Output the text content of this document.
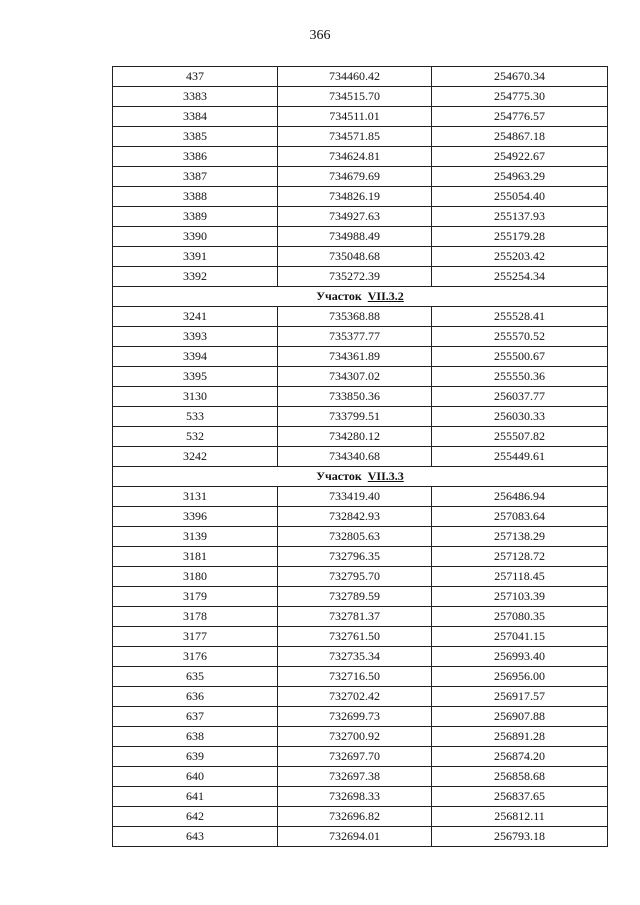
366
437	734460.42	254670.34
3383	734515.70	254775.30
3384	734511.01	254776.57
3385	734571.85	254867.18
3386	734624.81	254922.67
3387	734679.69	254963.29
3388	734826.19	255054.40
3389	734927.63	255137.93
3390	734988.49	255179.28
3391	735048.68	255203.42
3392	735272.39	255254.34
Участок VII.3.2		
3241	735368.88	255528.41
3393	735377.77	255570.52
3394	734361.89	255500.67
3395	734307.02	255550.36
3130	733850.36	256037.77
533	733799.51	256030.33
532	734280.12	255507.82
3242	734340.68	255449.61
Участок VII.3.3		
3131	733419.40	256486.94
3396	732842.93	257083.64
3139	732805.63	257138.29
3181	732796.35	257128.72
3180	732795.70	257118.45
3179	732789.59	257103.39
3178	732781.37	257080.35
3177	732761.50	257041.15
3176	732735.34	256993.40
635	732716.50	256956.00
636	732702.42	256917.57
637	732699.73	256907.88
638	732700.92	256891.28
639	732697.70	256874.20
640	732697.38	256858.68
641	732698.33	256837.65
642	732696.82	256812.11
643	732694.01	256793.18
